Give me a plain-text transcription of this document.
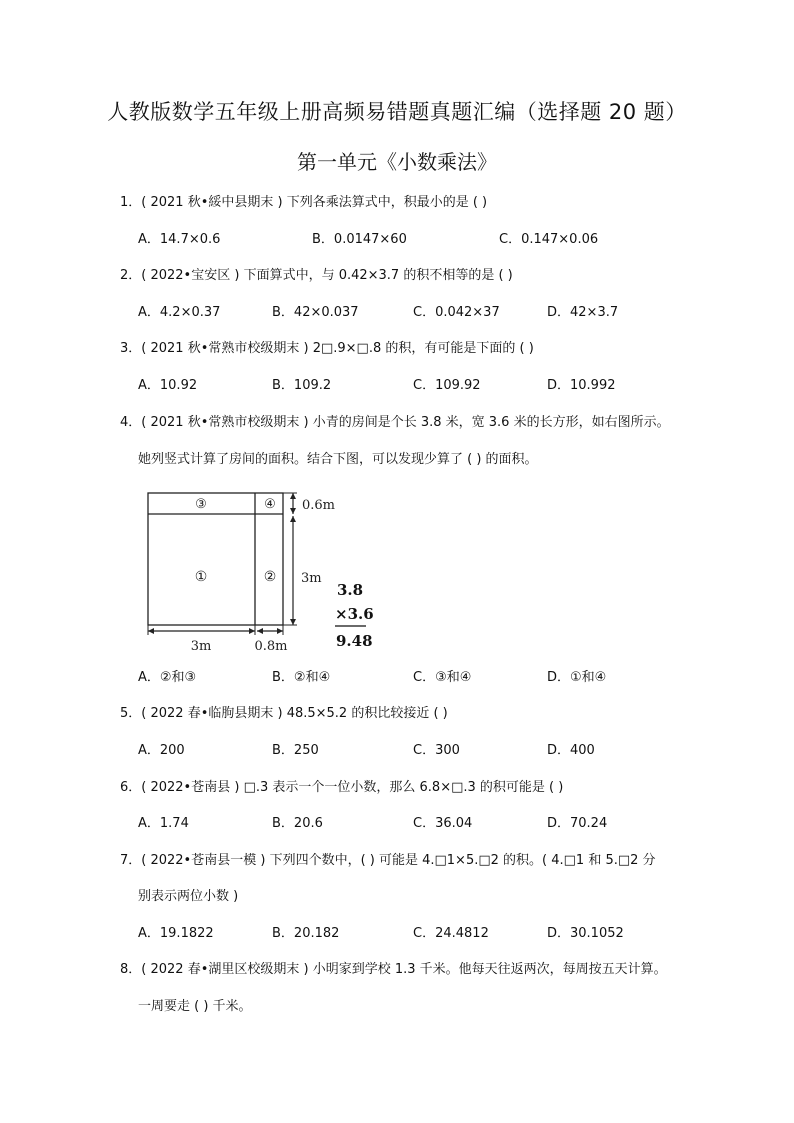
人教版数学五年级上册高频易错题真题汇编（选择题 20 题）
第一单元《小数乘法》
1．( 2021 秋•綏中县期末 ) 下列各乘法算式中，积最小的是 ( )
A．14.7×0.6	B．0.0147×60	C．0.147×0.06
2．( 2022•宝安区 ) 下面算式中，与 0.42×3.7 的积不相等的是 ( )
A．4.2×0.37	B．42×0.037	C．0.042×37	D．42×3.7
3．( 2021 秋•常熟市校级期末 ) 2□.9×□.8 的积，有可能是下面的 ( )
A．10.92	B．109.2	C．109.92	D．10.992
4．( 2021 秋•常熟市校级期末 ) 小青的房间是个长 3.8 米，宽 3.6 米的长方形，如右图所示。
她列竖式计算了房间的面积。结合下图，可以发现少算了 ( ) 的面积。
③	④
①	②
0.6m
3m
3m	0.8m
3.8
×3.6
9.48
A．②和③	B．②和④	C．③和④	D．①和④
5．( 2022 春•临朐县期末 ) 48.5×5.2 的积比较接近 ( )
A．200	B．250	C．300	D．400
6．( 2022•苍南县 ) □.3 表示一个一位小数，那么 6.8×□.3 的积可能是 ( )
A．1.74	B．20.6	C．36.04	D．70.24
7．( 2022•苍南县一模 ) 下列四个数中，( ) 可能是 4.□1×5.□2 的积。( 4.□1 和 5.□2 分
别表示两位小数 )
A．19.1822	B．20.182	C．24.4812	D．30.1052
8．( 2022 春•湖里区校级期末 ) 小明家到学校 1.3 千米。他每天往返两次，每周按五天计算。
一周要走 ( ) 千米。
